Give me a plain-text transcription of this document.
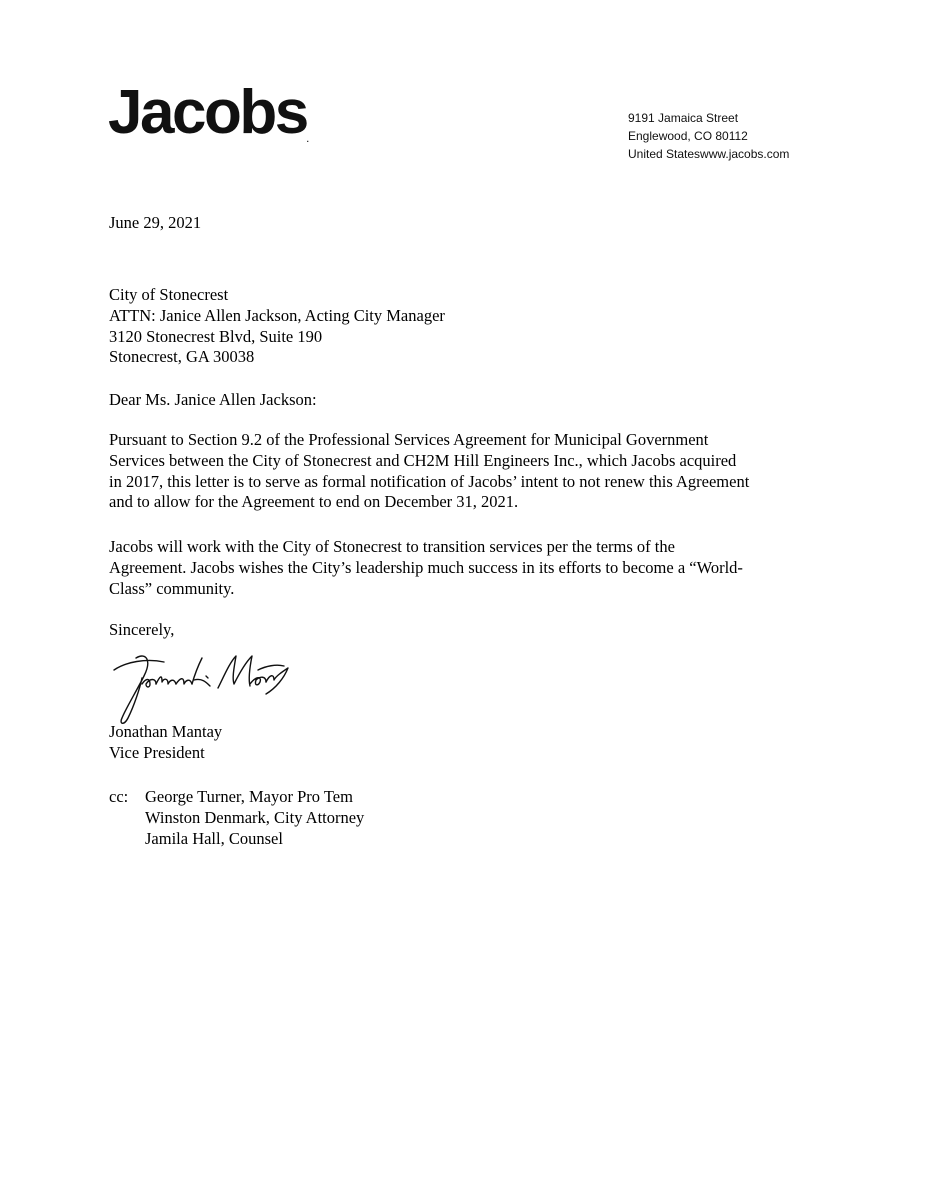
Jacobs.
9191 Jamaica Street
Englewood, CO 80112
United Stateswww.jacobs.com
June 29, 2021
City of Stonecrest
ATTN: Janice Allen Jackson, Acting City Manager
3120 Stonecrest Blvd, Suite 190
Stonecrest, GA 30038
Dear Ms. Janice Allen Jackson:
Pursuant to Section 9.2 of the Professional Services Agreement for Municipal Government
Services between the City of Stonecrest and CH2M Hill Engineers Inc., which Jacobs acquired
in 2017, this letter is to serve as formal notification of Jacobs’ intent to not renew this Agreement
and to allow for the Agreement to end on December 31, 2021.
Jacobs will work with the City of Stonecrest to transition services per the terms of the
Agreement. Jacobs wishes the City’s leadership much success in its efforts to become a “World-
Class” community.
Sincerely,
Jonathan Mantay
Vice President
cc: George Turner, Mayor Pro Tem
Winston Denmark, City Attorney
Jamila Hall, Counsel
